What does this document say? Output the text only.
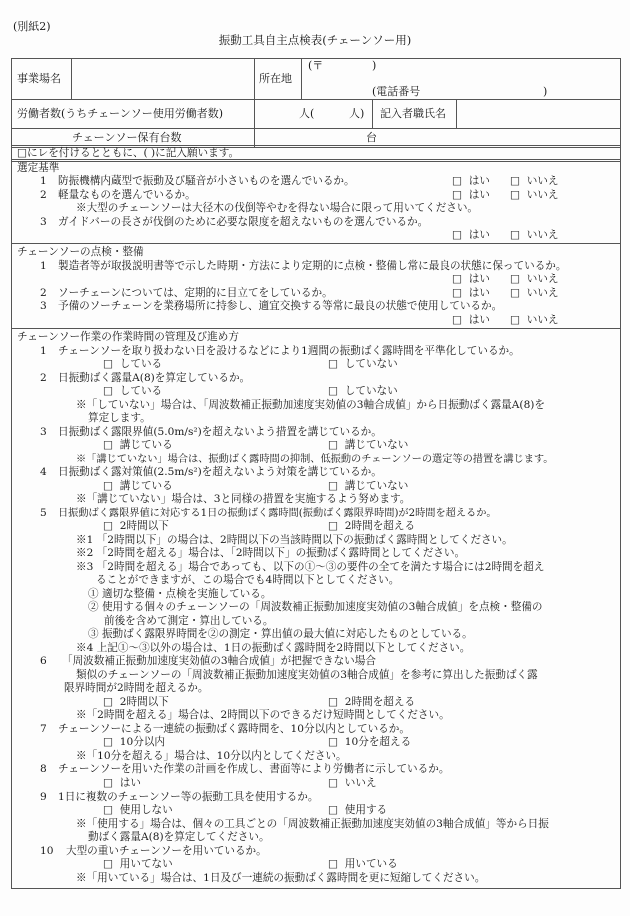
(別紙2)
振動工具自主点検表(チェーンソー用)
事業場名	所在地
(〒	)
(電話番号	)
労働者数(うちチェーンソー使用労働者数)	人(	人) 記入者職氏名
チェーンソー保有台数	台
□にレを付けるとともに、( )に記入願います。
選定基準
1 防振機構内蔵型で振動及び騒音が小さいものを選んでいるか。	□ はい □ いいえ
2 軽量なものを選んでいるか。	□ はい □ いいえ
※大型のチェーンソーは大径木の伐倒等やむを得ない場合に限って用いてください。
3 ガイドバーの長さが伐倒のために必要な限度を超えないものを選んでいるか。
□ はい □ いいえ
チェーンソーの点検・整備
1 製造者等が取扱説明書等で示した時期・方法により定期的に点検・整備し常に最良の状態に保っているか。
□ はい □ いいえ
2 ソーチェーンについては、定期的に目立てをしているか。	□ はい □ いいえ
3 予備のソーチェーンを業務場所に持参し、適宜交換する等常に最良の状態で使用しているか。
□ はい □ いいえ
チェーンソー作業の作業時間の管理及び進め方
1 チェーンソーを取り扱わない日を設けるなどにより1週間の振動ばく露時間を平準化しているか。
□ している	□ していない
2 日振動ばく露量A(8)を算定しているか。
□ している	□ していない
※「していない」場合は、「周波数補正振動加速度実効値の3軸合成値」から日振動ばく露量A(8)を
算定します。
3 日振動ばく露限界値(5.0m/s²)を超えないよう措置を講じているか。
□ 講じている	□ 講じていない
※「講じていない」場合は、振動ばく露時間の抑制、低振動のチェーンソーの選定等の措置を講じます。
4 日振動ばく露対策値(2.5m/s²)を超えないよう対策を講じているか。
□ 講じている	□ 講じていない
※「講じていない」場合は、3と同様の措置を実施するよう努めます。
5 日振動ばく露限界値に対応する1日の振動ばく露時間(振動ばく露限界時間)が2時間を超えるか。
□ 2時間以下	□ 2時間を超える
※1 「2時間以下」の場合は、2時間以下の当該時間以下の振動ばく露時間としてください。
※2 「2時間を超える」場合は、「2時間以下」の振動ばく露時間としてください。
※3 「2時間を超える」場合であっても、以下の①～③の要件の全てを満たす場合には2時間を超え
ることができますが、この場合でも4時間以下としてください。
① 適切な整備・点検を実施している。
② 使用する個々のチェーンソーの「周波数補正振動加速度実効値の3軸合成値」を点検・整備の
前後を含めて測定・算出している。
③ 振動ばく露限界時間を②の測定・算出値の最大値に対応したものとしている。
※4 上記①～③以外の場合は、1日の振動ばく露時間を2時間以下としてください。
6 「周波数補正振動加速度実効値の3軸合成値」が把握できない場合
類似のチェーンソーの「周波数補正振動加速度実効値の3軸合成値」を参考に算出した振動ばく露
限界時間が2時間を超えるか。
□ 2時間以下	□ 2時間を超える
※「2時間を超える」場合は、2時間以下のできるだけ短時間としてください。
7 チェーンソーによる一連続の振動ばく露時間を、10分以内としているか。
□ 10分以内	□ 10分を超える
※「10分を超える」場合は、10分以内としてください。
8 チェーンソーを用いた作業の計画を作成し、書面等により労働者に示しているか。
□ はい	□ いいえ
9 1日に複数のチェーンソー等の振動工具を使用するか。
□ 使用しない	□ 使用する
※「使用する」場合は、個々の工具ごとの「周波数補正振動加速度実効値の3軸合成値」等から日振
動ばく露量A(8)を算定してください。
10 大型の重いチェーンソーを用いているか。
□ 用いてない	□ 用いている
※「用いている」場合は、1日及び一連続の振動ばく露時間を更に短縮してください。
